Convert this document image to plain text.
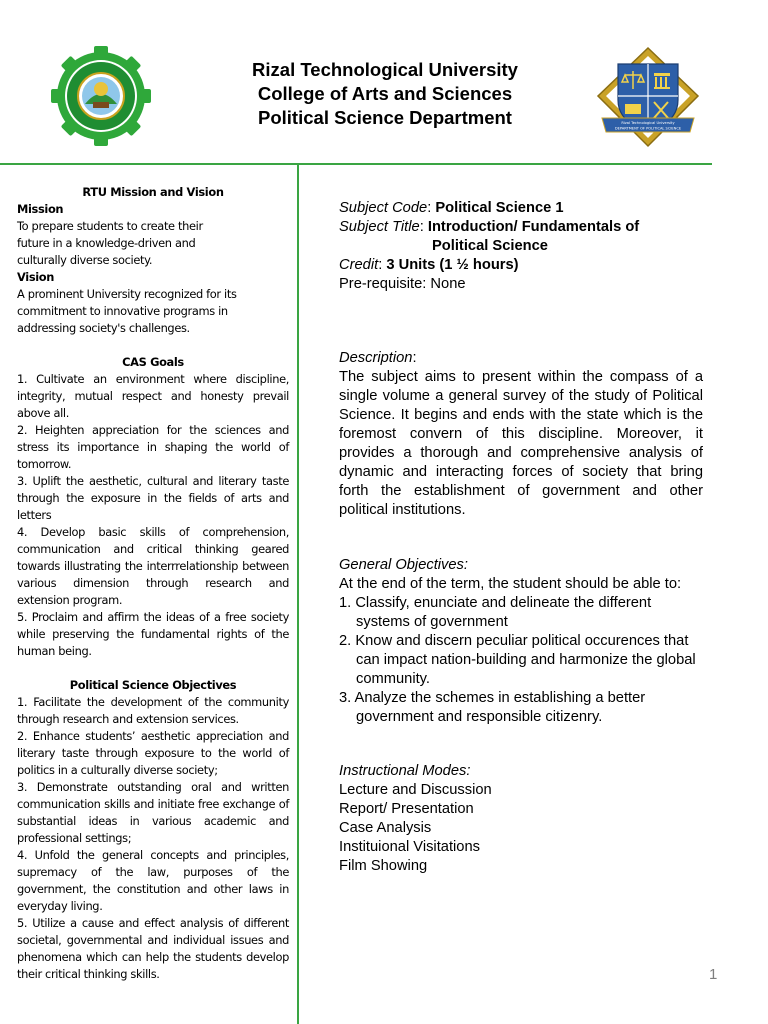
Rizal Technological University
College of Arts and Sciences
Political Science Department	Rizal Technological University
DEPARTMENT OF POLITICAL SCIENCE

RTU Mission and Vision

Mission

To prepare students to create their future in a knowledge-driven and culturally diverse society.

Vision

A prominent University recognized for its commitment to innovative programs in addressing society's challenges.

CAS Goals

1. Cultivate an environment where discipline, integrity, mutual respect and honesty prevail above all.

2. Heighten appreciation for the sciences and stress its importance in shaping the world of tomorrow.

3. Uplift the aesthetic, cultural and literary taste through the exposure in the fields of arts and letters

4. Develop basic skills of comprehension, communication and critical thinking geared towards illustrating the interrrelationship between various dimension through research and extension program.

5. Proclaim and affirm the ideas of a free society while preserving the fundamental rights of the human being.

Political Science Objectives

1. Facilitate the development of the community through research and extension services.

2. Enhance students’ aesthetic appreciation and literary taste through exposure to the world of politics in a culturally diverse society;

3. Demonstrate outstanding oral and written communication skills and initiate free exchange of substantial ideas in various academic and professional settings;

4. Unfold the general concepts and principles, supremacy of the law, purposes of the government, the constitution and other laws in everyday living.

5. Utilize a cause and effect analysis of different societal, governmental and individual issues and phenomena which can help the students develop their critical thinking skills.

Subject Code: Political Science 1

Subject Title: Introduction/ Fundamentals of

Political Science

Credit: 3 Units (1 ½ hours)

Pre-requisite: None

Description:

The subject aims to present within the compass of a single volume a general survey of the study of Political Science. It begins and ends with the state which is the foremost convern of this discipline. Moreover, it provides a thorough and comprehensive analysis of dynamic and interacting forces of society that bring forth the establishment of government and other political institutions.

General Objectives:

At the end of the term, the student should be able to:

1. Classify, enunciate and delineate the different systems of government

2. Know and discern peculiar political occurences that can impact nation-building and harmonize the global community.

3. Analyze the schemes in establishing a better government and responsible citizenry.

Instructional Modes:

Lecture and Discussion

Report/ Presentation

Case Analysis

Instituional Visitations

Film Showing

1
